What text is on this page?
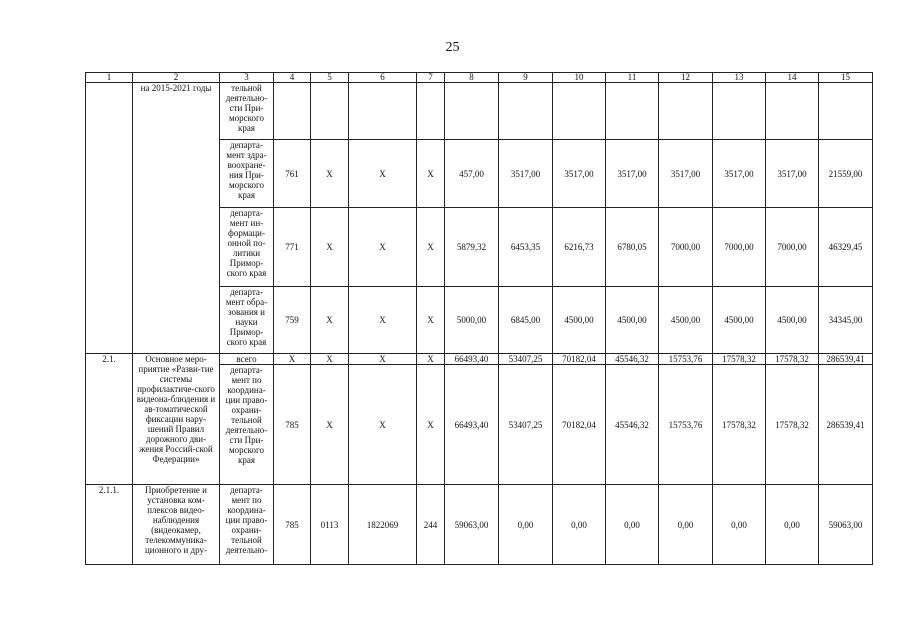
25
1	2	3	4	5	6	7	8	9	10	11	12	13	14	15
	на 2015-2021 годы	тельной деятельно-сти При-морского края												
		департа-мент здра-воохране-ния При-морского края	761	Х	Х	Х	457,00	3517,00	3517,00	3517,00	3517,00	3517,00	3517,00	21559,00
		департа-мент ин-формаци-онной по-литики Примор-ского края	771	Х	Х	Х	5879,32	6453,35	6216,73	6780,05	7000,00	7000,00	7000,00	46329,45
		департа-мент обра-зования и науки Примор-ского края	759	Х	Х	Х	5000,00	6845,00	4500,00	4500,00	4500,00	4500,00	4500,00	34345,00
2.1.	Основное меро-приятие «Разви-тие системы профилактиче-ского видеона-блюдения и ав-томатической фиксации нару-шений Правил дорожного дви-жения Россий-ской Федерации»	всего	Х	Х	Х	Х	66493,40	53407,25	70182,04	45546,32	15753,76	17578,32	17578,32	286539,41
		департа-мент по координа-ции право-охрани-тельной деятельно-сти При-морского края	785	Х	Х	Х	66493,40	53407,25	70182,04	45546,32	15753,76	17578,32	17578,32	286539,41
2.1.1.	Приобретение и установка ком-плексов видео-наблюдения (видеокамер, телекоммуника-ционного и дру-	департа-мент по координа-ции право-охрани-тельной деятельно-	785	0113	1822069	244	59063,00	0,00	0,00	0,00	0,00	0,00	0,00	59063,00
